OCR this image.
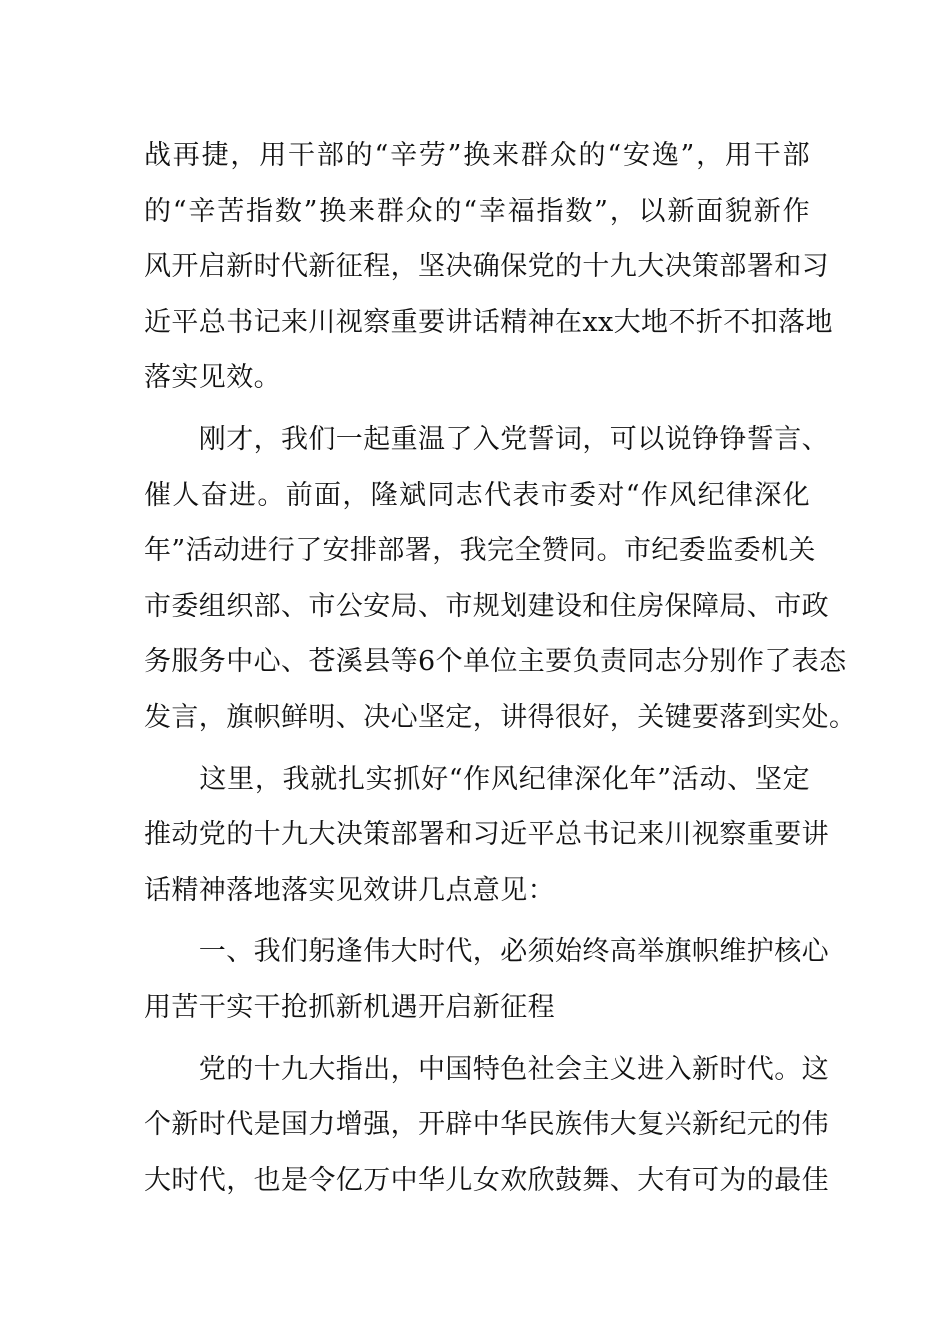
战再捷，用干部的“辛劳”换来群众的“安逸”，用干部
的“辛苦指数”换来群众的“幸福指数”，以新面貌新作
风开启新时代新征程，坚决确保党的十九大决策部署和习
近平总书记来川视察重要讲话精神在xx大地不折不扣落地
落实见效。
　　刚才，我们一起重温了入党誓词，可以说铮铮誓言、
催人奋进。前面，隆斌同志代表市委对“作风纪律深化
年”活动进行了安排部署，我完全赞同。市纪委监委机关
市委组织部、市公安局、市规划建设和住房保障局、市政
务服务中心、苍溪县等6个单位主要负责同志分别作了表态
发言，旗帜鲜明、决心坚定，讲得很好，关键要落到实处。
　　这里，我就扎实抓好“作风纪律深化年”活动、坚定
推动党的十九大决策部署和习近平总书记来川视察重要讲
话精神落地落实见效讲几点意见：
　　一、我们躬逢伟大时代，必须始终高举旗帜维护核心
用苦干实干抢抓新机遇开启新征程
　　党的十九大指出，中国特色社会主义进入新时代。这
个新时代是国力增强，开辟中华民族伟大复兴新纪元的伟
大时代，也是令亿万中华儿女欢欣鼓舞、大有可为的最佳
